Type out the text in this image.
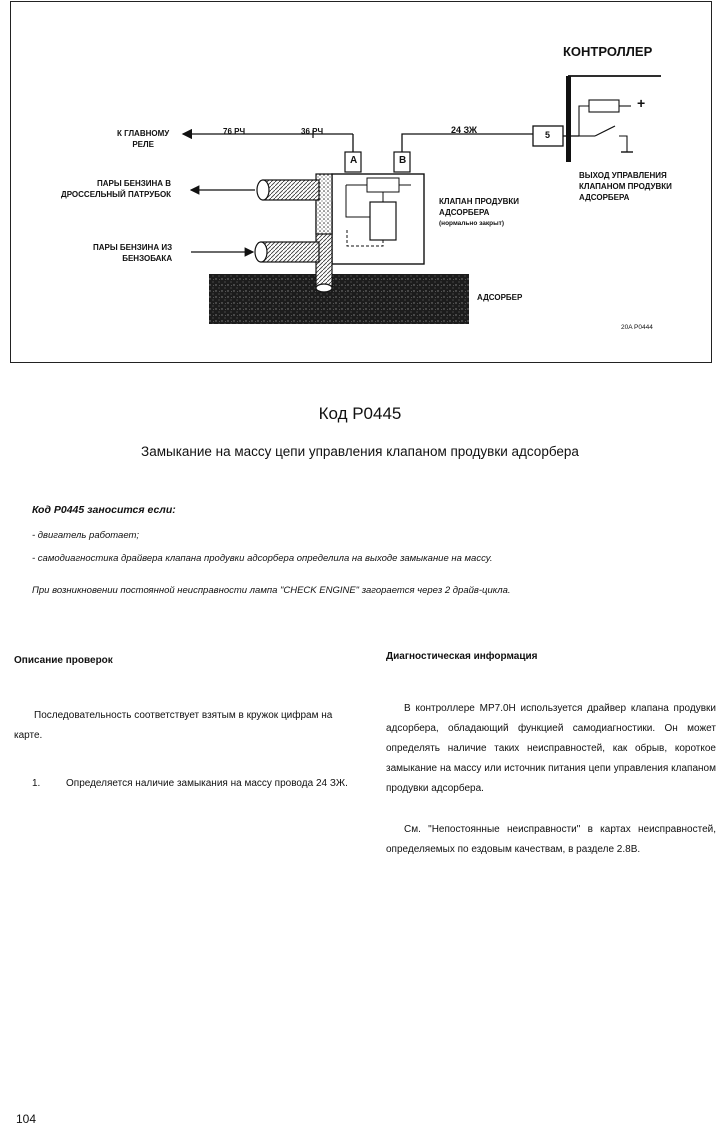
КОНТРОЛЛЕР
К ГЛАВНОМУ
РЕЛЕ
76 РЧ	36 РЧ	24 ЗЖ
A	B
5
+
ПАРЫ БЕНЗИНА В
ДРОССЕЛЬНЫЙ ПАТРУБОК
ПАРЫ БЕНЗИНА ИЗ
БЕНЗОБАКА
КЛАПАН ПРОДУВКИ
АДСОРБЕРА
(нормально закрыт)
ВЫХОД УПРАВЛЕНИЯ
КЛАПАНОМ ПРОДУВКИ
АДСОРБЕРА
АДСОРБЕР
20A P0444
Код P0445
Замыкание на массу цепи управления клапаном продувки адсорбера
Код P0445 заносится если:
- двигатель работает;
- самодиагностика драйвера клапана продувки адсорбера определила на выходе замыкание на массу.
При возникновении постоянной неисправности лампа "CHECK ENGINE" загорается через 2 драйв-цикла.
Описание проверок
Последовательность соответствует взятым в кружок цифрам на карте.
1.	Определяется наличие замыкания на массу провода 24 ЗЖ.
Диагностическая информация
В контроллере МР7.0Н используется драйвер клапана продувки адсорбера, обладающий функцией самодиагностики. Он может определять наличие таких неисправностей, как обрыв, короткое замыкание на массу или источник питания цепи управления клапаном продувки адсорбера.
См. "Непостоянные неисправности" в картах неисправностей, определяемых по ездовым качествам, в разделе 2.8В.
104
